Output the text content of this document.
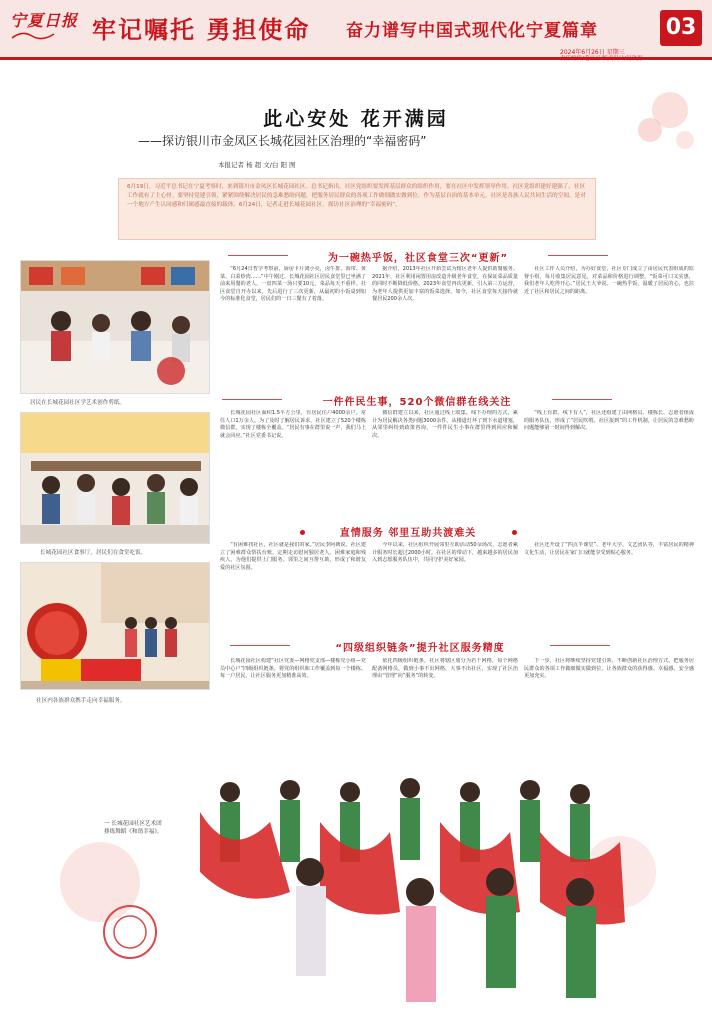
宁夏日报 牢记嘱托 勇担使命 奋力谱写中国式现代化宁夏篇章	03
2024年6月26日 星期三
责任编辑/毛豆豆 版式设计/何玖男
此心安处 花开满园
——探访银川市金凤区长城花园社区治理的“幸福密码”
本报记者 杨 超 文/白 阳 图
6月19日，习近平总书记在宁夏考察时，来到银川市金凤区长城花园社区。总书记指出，社区党组织要发挥基层群众的组织作用，要在社区中发挥领导作用。社区党组织建好建强了，社区工作就有了主心骨。要坚持党建引领，紧紧围绕解决居民的急难愁盼问题，把服务居民群众的各项工作做细做实做到位。作为基层自治的基本单元，社区是各族人民共同生活的空间，是对一个地方产生认同感和归属感最直接的载体。6月24日，记者走进长城花园社区，探访社区治理的“幸福密码”。
为一碗热乎饭，社区食堂三次“更新”
居民在长城花园社区学艺术创作剪纸。

“6月24日哲学考察前，厨房卡片浏小亮，卤牛排、海带、黄菜、白菜炒肉……”中午刚过，长城花园社区居民食堂里已坐满了前来用餐的老人。一盘四菜一汤只要10元，菜品每天不重样。社区食堂自开办以来，先后进行了三次更新，从最初的小饭桌到如今的标准化食堂，居民们的一日三餐有了着落。

据介绍，2013年社区开始尝试为辖区老年人提供助餐服务。2021年，社区利用闲置用房改造升级老年食堂，在保证菜品质量的同时不断降低价格。2023年食堂再次更新，引入第三方运营，为老年人提供更加丰富的饭菜选择。如今，社区食堂每天接待就餐居民200余人次。

社区工作人员介绍，为办好食堂，社区专门成立了由居民代表组成的监督小组，每月收集居民意见，对菜品和价格进行调整。“饭菜可口又实惠，我们老年人吃得开心。”居民王大爷说。一碗热乎饭，温暖了居民的心，也拉近了社区和居民之间的距离。

一件件民生事，520个微信群在线关注
长城花园社区食事厅，居民们在食堂吃饭。

长城花园社区面积1.5平方公里，有居民住户4000余户，常住人口1万余人。为了及时了解居民诉求，社区建立了520个楼栋微信群，实现了楼栋全覆盖。“居民有事在群里说一声，我们马上就会回应。”社区党委书记说。

微信群建立以来，社区通过线上收集、线下办理的方式，累计为居民解决各类问题3000余件。从楼道灯坏了到下水道堵塞，从邻里纠纷到政策咨询，一件件民生小事在群里得到回应和解决。

“线上有群、线下有人”，社区还组建了由网格员、楼栋长、志愿者组成的服务队伍，形成了“居民吹哨、社区报到”的工作机制，让居民的急难愁盼问题能够第一时间得到解决。

直情服务 邻里互助共渡难关
社区内各族群众携手走向幸福服务。

“有困难找社区，社区就是我们的家。”居民李阿姨说。社区建立了困难群众帮扶台账，定期走访慰问独居老人、困难家庭和残疾人，为他们提供上门服务。邻里之间互帮互助，形成了和谐友爱的社区氛围。

今年以来，社区组织开展邻里互助活动50余场次，志愿者累计服务时长超过2000小时。在社区的带动下，越来越多的居民加入到志愿服务队伍中，共同守护美好家园。

社区还开设了“四点半课堂”、老年大学、文艺团队等，丰富居民的精神文化生活，让居民在家门口就能享受到贴心服务。

“四级组织链条”提升社区服务精度

长城花园社区构建“社区党委—网格党支部—楼栋党小组—党员中心户”四级组织链条，将党的组织和工作覆盖到每一个楼栋、每一户居民，让社区服务更加精准高效。

依托四级组织链条，社区将辖区划分为若干网格，每个网格配备网格员，做到小事不出网格、大事不出社区，实现了社区治理由“管理”向“服务”的转变。

下一步，社区将继续坚持党建引领，不断创新社区治理方式，把服务居民群众的各项工作做细做实做到位，让各族群众的获得感、幸福感、安全感更加充实。

一 长城花园社区艺术团排练舞蹈《和谐幸福》。
